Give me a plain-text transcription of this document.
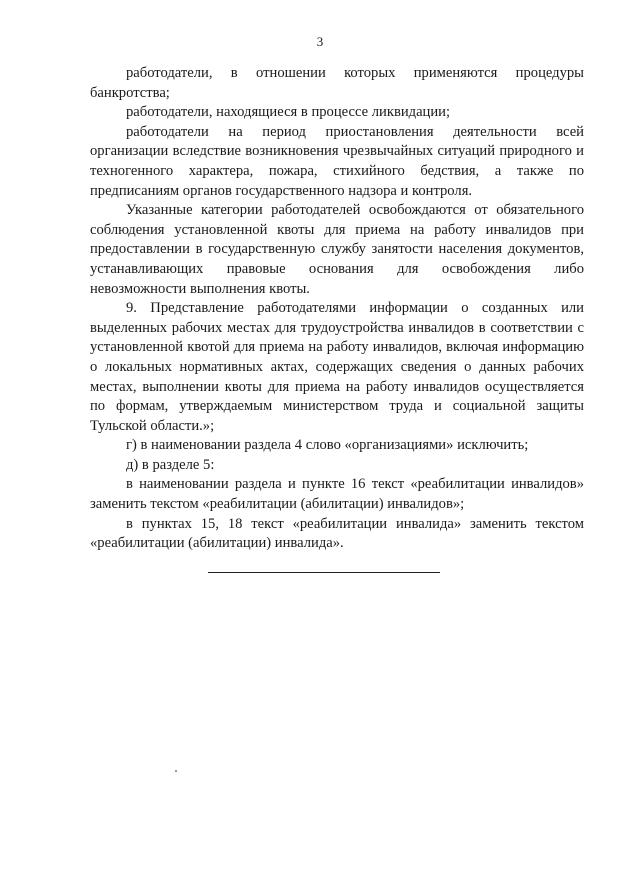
3

работодатели, в отношении которых применяются процедуры банкротства;

работодатели, находящиеся в процессе ликвидации;

работодатели на период приостановления деятельности всей организации вследствие возникновения чрезвычайных ситуаций природного и техногенного характера, пожара, стихийного бедствия, а также по предписаниям органов государственного надзора и контроля.

Указанные категории работодателей освобождаются от обязательного соблюдения установленной квоты для приема на работу инвалидов при предоставлении в государственную службу занятости населения документов, устанавливающих правовые основания для освобождения либо невозможности выполнения квоты.

9. Представление работодателями информации о созданных или выделенных рабочих местах для трудоустройства инвалидов в соответствии с установленной квотой для приема на работу инвалидов, включая информацию о локальных нормативных актах, содержащих сведения о данных рабочих местах, выполнении квоты для приема на работу инвалидов осуществляется по формам, утверждаемым министерством труда и социальной защиты Тульской области.»;

г) в наименовании раздела 4 слово «организациями» исключить;

д) в разделе 5:

в наименовании раздела и пункте 16 текст «реабилитации инвалидов» заменить текстом «реабилитации (абилитации) инвалидов»;

в пунктах 15, 18 текст «реабилитации инвалида» заменить текстом «реабилитации (абилитации) инвалида».
